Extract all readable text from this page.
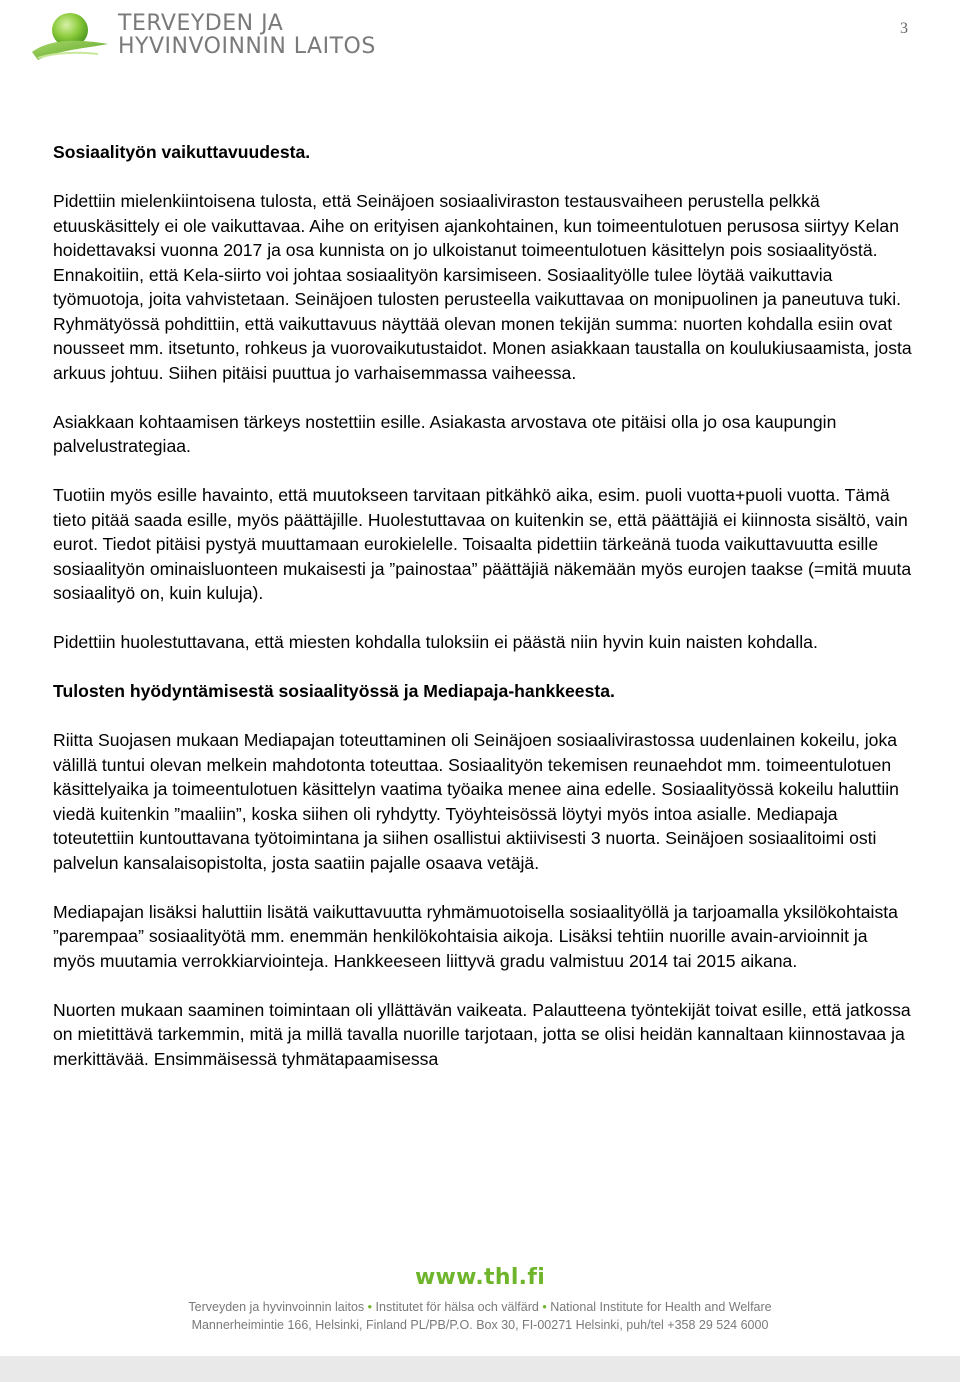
TERVEYDEN JA
HYVINVOINNIN LAITOS
3
Sosiaalityön vaikuttavuudesta.

Pidettiin mielenkiintoisena tulosta, että Seinäjoen sosiaaliviraston testausvaiheen perustella pelkkä etuuskäsittely ei ole vaikuttavaa. Aihe on erityisen ajankohtainen, kun toimeentulotuen perusosa siirtyy Kelan hoidettavaksi vuonna 2017 ja osa kunnista on jo ulkoistanut toimeentulotuen käsittelyn pois sosiaalityöstä. Ennakoitiin, että Kela-siirto voi johtaa sosiaalityön karsimiseen. Sosiaalityölle tulee löytää vaikuttavia työmuotoja, joita vahvistetaan. Seinäjoen tulosten perusteella vaikuttavaa on monipuolinen ja paneutuva tuki. Ryhmätyössä pohdittiin, että vaikuttavuus näyttää olevan monen tekijän summa: nuorten kohdalla esiin ovat nousseet mm. itsetunto, rohkeus ja vuorovaikutustaidot. Monen asiakkaan taustalla on koulukiusaamista, josta arkuus johtuu. Siihen pitäisi puuttua jo varhaisemmassa vaiheessa.

Asiakkaan kohtaamisen tärkeys nostettiin esille. Asiakasta arvostava ote pitäisi olla jo osa kaupungin palvelustrategiaa.

Tuotiin myös esille havainto, että muutokseen tarvitaan pitkähkö aika, esim. puoli vuotta+puoli vuotta. Tämä tieto pitää saada esille, myös päättäjille. Huolestuttavaa on kuitenkin se, että päättäjiä ei kiinnosta sisältö, vain eurot. Tiedot pitäisi pystyä muuttamaan eurokielelle. Toisaalta pidettiin tärkeänä tuoda vaikuttavuutta esille sosiaalityön ominaisluonteen mukaisesti ja ”painostaa” päättäjiä näkemään myös eurojen taakse (=mitä muuta sosiaalityö on, kuin kuluja).

Pidettiin huolestuttavana, että miesten kohdalla tuloksiin ei päästä niin hyvin kuin naisten kohdalla.

Tulosten hyödyntämisestä sosiaalityössä ja Mediapaja-hankkeesta.

Riitta Suojasen mukaan Mediapajan toteuttaminen oli Seinäjoen sosiaalivirastossa uudenlainen kokeilu, joka välillä tuntui olevan melkein mahdotonta toteuttaa. Sosiaalityön tekemisen reunaehdot mm. toimeentulotuen käsittelyaika ja toimeentulotuen käsittelyn vaatima työaika menee aina edelle. Sosiaalityössä kokeilu haluttiin viedä kuitenkin ”maaliin”, koska siihen oli ryhdytty. Työyhteisössä löytyi myös intoa asialle. Mediapaja toteutettiin kuntouttavana työtoimintana ja siihen osallistui aktiivisesti 3 nuorta. Seinäjoen sosiaalitoimi osti palvelun kansalaisopistolta, josta saatiin pajalle osaava vetäjä.

Mediapajan lisäksi haluttiin lisätä vaikuttavuutta ryhmämuotoisella sosiaalityöllä ja tarjoamalla yksilökohtaista ”parempaa” sosiaalityötä mm. enemmän henkilökohtaisia aikoja. Lisäksi tehtiin nuorille avain-arvioinnit ja myös muutamia verrokkiarviointeja. Hankkeeseen liittyvä gradu valmistuu 2014 tai 2015 aikana.

Nuorten mukaan saaminen toimintaan oli yllättävän vaikeata. Palautteena työntekijät toivat esille, että jatkossa on mietittävä tarkemmin, mitä ja millä tavalla nuorille tarjotaan, jotta se olisi heidän kannaltaan kiinnostavaa ja merkittävää. Ensimmäisessä tyhmätapaamisessa

www.thl.fi
Terveyden ja hyvinvoinnin laitos • Institutet för hälsa och välfärd • National Institute for Health and Welfare
Mannerheimintie 166, Helsinki, Finland PL/PB/P.O. Box 30, FI-00271 Helsinki, puh/tel +358 29 524 6000
